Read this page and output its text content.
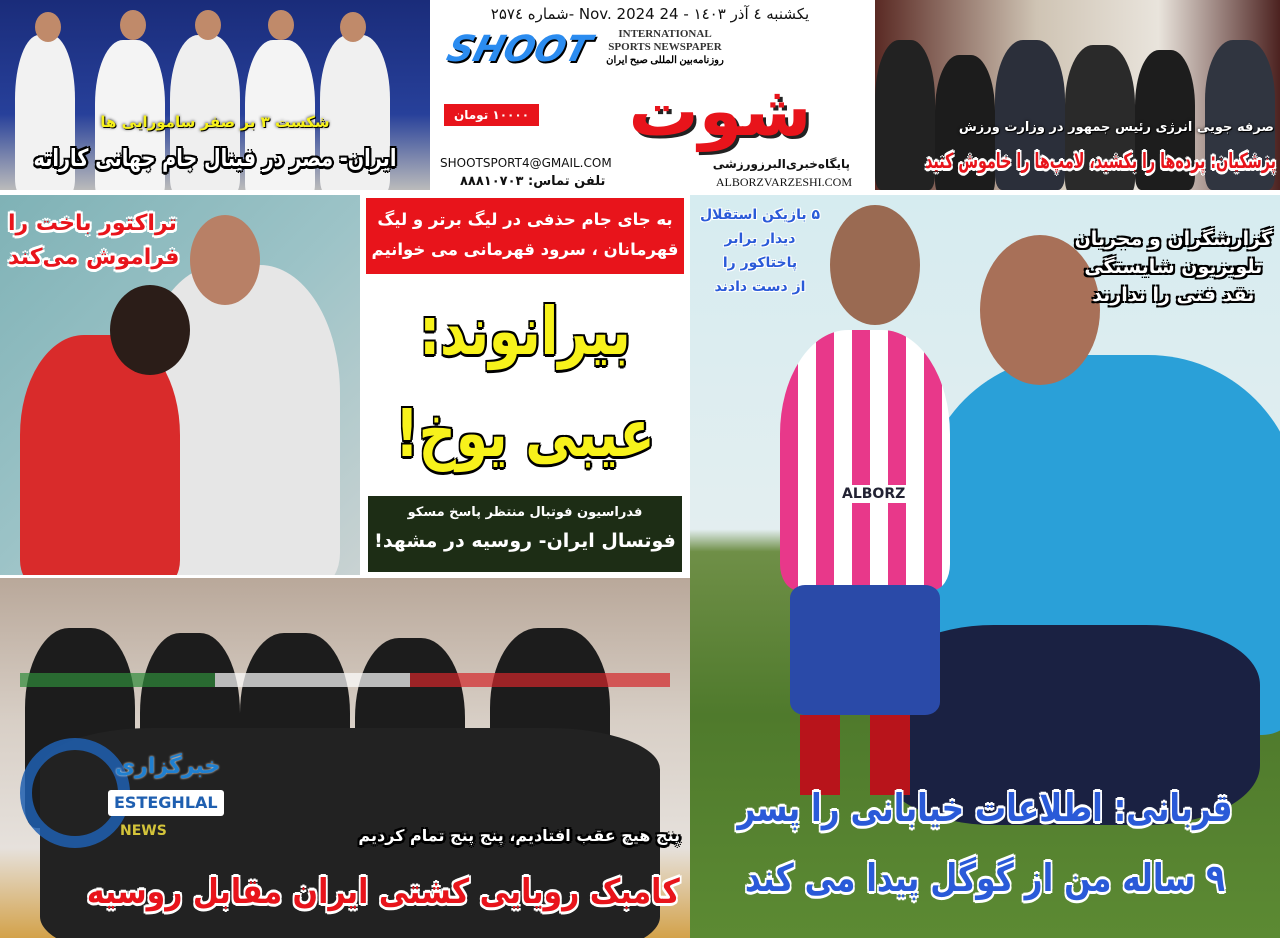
شکست ۳ بر صفر سامورایی ها
ایران- مصر در فینال جام جهانی کاراته
یکشنبه ٤ آذر ۱٤۰۳ - 24 Nov. 2024 -شماره ۲۵۷٤
SHOOT	INTERNATIONAL
SPORTS NEWSPAPER
روزنامه‌بین المللی صبح ایران
شوت
۱۰۰۰۰ تومان
SHOOTSPORT4@GMAIL.COM
تلفن تماس: ۸۸۸۱۰۷۰۳
پایگاه‌خبری‌البرز‌ورزشی
ALBORZVARZESHI.COM
صرفه جویی انرژی رئیس جمهور در وزارت ورزش
پزشکیان: پرده‌ها را بکشید، لامپ‌ها را خاموش کنید
تراکتور باخت را
فراموش می‌کند
به جای جام حذفی در لیگ برتر و لیگ
قهرمانان ، سرود قهرمانی می خوانیم
بیرانوند:
عیبی یوخ!
فدراسیون فوتبال منتظر پاسخ مسکو
فوتسال ایران- روسیه در مشهد!
ALBORZ
۵ بازیکن استقلال
دیدار برابر
پاختاکور را
از دست دادند
گزارشگران و مجریان
تلویزیون شایستگی
نقد فنی را ندارند
قربانی: اطلاعات خیابانی را پسر
۹ ساله من از گوگل پیدا می کند
پنج هیچ عقب افتادیم، پنج پنج تمام کردیم
کامبک رویایی کشتی ایران مقابل روسیه
خبرگزاری
ESTEGHLAL
NEWS
